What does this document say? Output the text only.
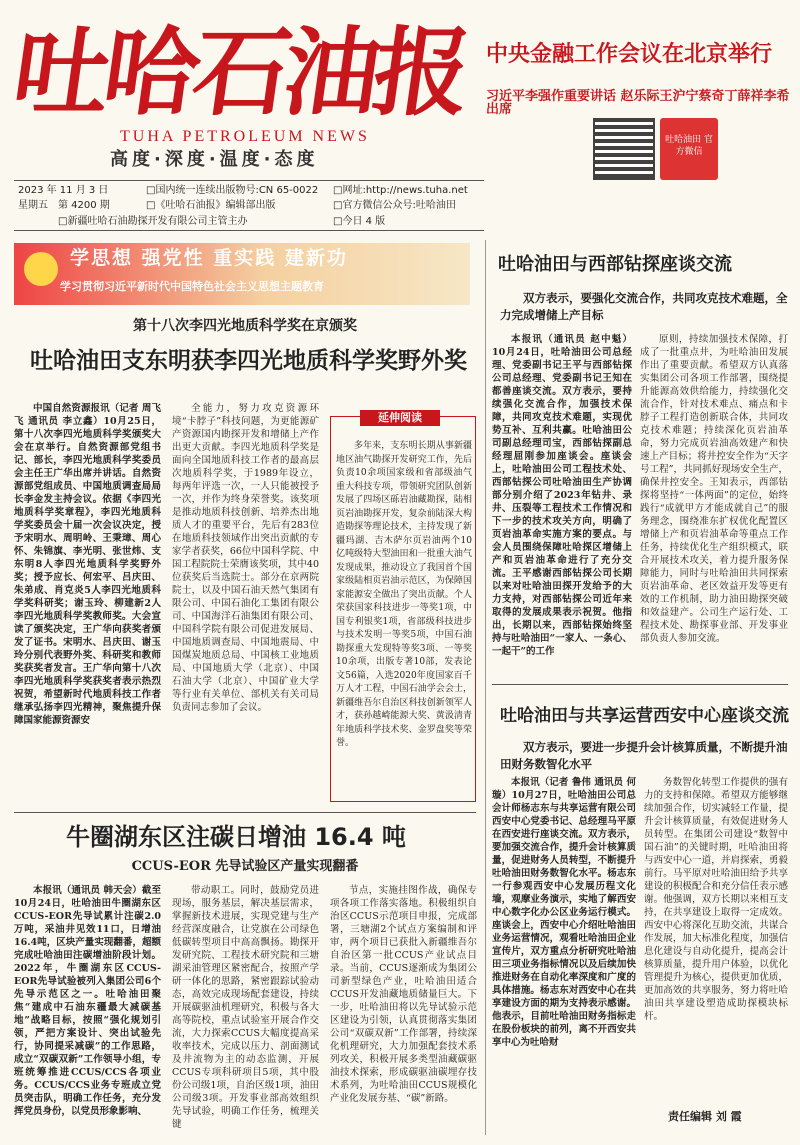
吐哈石油报
TUHA PETROLEUM NEWS
高度·深度·温度·态度
中央金融工作会议在北京举行
习近平李强作重要讲话 赵乐际王沪宁蔡奇丁薛祥李希出席
吐哈油田 官方微信
2023 年 11 月 3 日
星期五 第 4200 期
□国内统一连续出版物号:CN 65-0022
□《吐哈石油报》编辑部出版
□网址:http://news.tuha.net
□官方微信公众号:吐哈油田
□新疆吐哈石油勘探开发有限公司主管主办	□今日 4 版
学思想 强党性 重实践 建新功
学习贯彻习近平新时代中国特色社会主义思想主题教育
第十八次李四光地质科学奖在京颁奖
吐哈油田支东明获李四光地质科学奖野外奖

中国自然资源报讯（记者 周飞飞 通讯员 李立鑫）10月25日，第十八次李四光地质科学奖颁奖大会在京举行。自然资源部党组书记、部长，李四光地质科学奖委员会主任王广华出席并讲话。自然资源部党组成员、中国地质调查局局长李金发主持会议。依据《李四光地质科学奖章程》，李四光地质科学奖委员会十届一次会议决定，授予宋明水、周明岭、王秉璋、周心怀、朱锦旗、李光明、张世炜、支东明8人李四光地质科学奖野外奖；授予应长、何宏平、吕庆田、朱弟成、肖克炎5人李四光地质科学奖科研奖；谢玉玲、柳建新2人李四光地质科学奖教师奖。大会宣读了颁奖决定，王广华向获奖者颁发了证书。宋明水、吕庆田、谢玉玲分别代表野外奖、科研奖和教师奖获奖者发言。王广华向第十八次李四光地质科学奖获奖者表示热烈祝贺，希望新时代地质科技工作者继承弘扬李四光精神，聚焦提升保障国家能源资源安

全能力，努力攻克资源环境“卡脖子”科技问题，为更能源矿产资源国内勘探开发和增储上产作出更大贡献。李四光地质科学奖是面向全国地质科技工作者的最高层次地质科学奖，于1989年设立，每两年评选一次，一人只能被授予一次，并作为终身荣誉奖。该奖项是推动地质科技创新、培养杰出地质人才的重要平台，先后有283位在地质科技领域作出突出贡献的专家学者获奖，66位中国科学院、中国工程院院士荣膺该奖项，其中40位获奖后当选院士。部分在京两院院士，以及中国石油天然气集团有限公司、中国石油化工集团有限公司、中国海洋石油集团有限公司、中国科学院有限公司促进发展局、中国地质调查局、中国地震局、中国煤炭地质总局、中国核工业地质局、中国地质大学（北京）、中国石油大学（北京）、中国矿业大学等行业有关单位、部机关有关司局负责同志参加了会议。

延伸阅读

多年来，支东明长期从事新疆地区油气勘探开发研究工作，先后负责10余项国家级和省部级油气重大科技专项，带领研究团队创新发展了四场区砾岩油藏勘探，陆相页岩油勘探开发，复杂前陆深大构造勘探等理论技术，主持发现了新疆玛湖、吉木萨尔页岩油两个10亿吨级特大型油田和一批重大油气发现成果，推动设立了我国首个国家级陆相页岩油示范区，为保障国家能源安全做出了突出贡献。个人荣获国家科技进步一等奖1项，中国专利银奖1项，省部级科技进步与技术发明一等奖5项，中国石油勘探重大发现特等奖3项、一等奖10余项，出版专著10部，发表论文56篇，入选2020年度国家百千万人才工程，中国石油学会会士，新疆维吾尔自治区科技创新领军人才，获孙越崎能源大奖、黄汲清青年地质科学技术奖、金罗盘奖等荣誉。

牛圈湖东区注碳日增油 16.4 吨
CCUS-EOR 先导试验区产量实现翻番

本报讯（通讯员 韩天会）截至10月24日，吐哈油田牛圈湖东区CCUS-EOR先导试累计注碳2.0万吨，采油井见效11口，日增油16.4吨，区块产量实现翻番，超额完成吐哈油田注碳增油阶段计划。2022年，牛圈湖东区CCUS-EOR先导试验被列入集团公司6个先导示范区之一。吐哈油田聚焦“建成中石油东疆最大减碳基地”战略目标，按照“强化规划引领，严把方案设计、突出试验先行，协同提采减碳”的工作思路，成立“双碳双新”工作领导小组，专班统筹推进CCUS/CCS各项业务。CCUS/CCS业务专班成立党员突击队，明确工作任务，充分发挥党员身份，以党员形象影响、

带动职工。同时，鼓励党员进现场，服务基层，解决基层需求，掌握新技术进展，实现党建与生产经营深度融合，让党旗在公司绿色低碳转型项目中高高飘扬。勘探开发研究院、工程技术研究院和三塘湖采油管理区紧密配合，按照产学研一体化的思路，紧密跟踪试验动态，高效完成现场配套建设，持续开展碳驱油机理研究，积极与各大高等院校，重点试验室开展合作交流，大力探索CCUS大幅度提高采收率技术，完成以压力、剖面测试及井流物为主的动态监测，开展CCUS专项科研项目5项，其中股份公司级1项，自治区级1项，油田公司级3项。开发事业部高效组织先导试验，明确工作任务，梳理关键

节点，实施挂图作战，确保专项各项工作落实落地。积极组织自治区CCUS示范项目申报，完成部署，三塘湖2个试点方案编制和评审，两个项目已获批入新疆维吾尔自治区第一批CCUS产业试点目录。当前，CCUS逐渐成为集团公司新型绿色产业，吐哈油田适合CCUS开发油藏地质储量巨大。下一步，吐哈油田将以先导试验示范区建设为引领，认真贯彻落实集团公司“双碳双新”工作部署，持续深化机理研究，大力加强配套技术系列攻关，积极开展多类型油藏碳驱油技术探索，形成碳驱油碳埋存技术系列，为吐哈油田CCUS规模化产业化发展夯基、“碳”新路。

吐哈油田与西部钻探座谈交流
双方表示，要强化交流合作，共同攻克技术难题，全力完成增储上产目标

本报讯（通讯员 赵中魁）10月24日，吐哈油田公司总经理、党委副书记王平与西部钻探公司总经理、党委副书记王知在都善座谈交流。双方表示，要持续强化交流合作，加强技术保障，共同攻克技术难题，实现优势互补、互利共赢。吐哈油田公司副总经理司宝，西部钻探副总经理屈刚参加座谈会。座谈会上，吐哈油田公司工程技术处、西部钻探公司吐哈油田生产协调部分别介绍了2023年钻井、录井、压裂等工程技术工作情况和下一步的技术攻关方向，明确了页岩油革命实施方案的要点。与会人员围绕保障吐哈探区增储上产和页岩油革命进行了充分交流。王平感谢西部钻探公司长期以来对吐哈油田探开发给予的大力支持，对西部钻探公司近年来取得的发展成果表示祝贺。他指出，长期以来，西部钻探始终坚持与吐哈油田“一家人、一条心、一起干”的工作

原则，持续加强技术保障，打成了一批重点井，为吐哈油田发展作出了重要贡献。希望双方认真落实集团公司各项工作部署，围绕提升能源高效供给能力，持续强化交流合作，针对技术难点、痛点和卡脖子工程打造创新联合体，共同攻克技术难题；持续深化页岩油革命，努力完成页岩油高效建产和快速上产目标；将井控安全作为“天字号工程”，共同抓好现场安全生产，确保井控安全。王知表示，西部钻探将坚持“一体两面”的定位，始终践行“成就甲方才能成就自己”的服务理念，围绕准东扩权优化配置区增储上产和页岩油革命等重点工作任务，持续优化生产组织模式，联合开展技术攻关，着力提升服务保障能力，同时与吐哈油田共同探索页岩油革命、老区效益开发等更有效的工作机制，助力油田勘探突破和效益建产。公司生产运行处、工程技术处、勘探事业部、开发事业部负责人参加交流。

吐哈油田与共享运营西安中心座谈交流
双方表示，要进一步提升会计核算质量，不断提升油田财务数智化水平

本报讯（记者 鲁伟 通讯员 何璇）10月27日，吐哈油田公司总会计师杨志东与共享运营有限公司西安中心党委书记、总经理马平原在西安进行座谈交流。双方表示，要加强交流合作，提升会计核算质量，促进财务人员转型，不断提升吐哈油田财务数智化水平。杨志东一行参观西安中心发展历程文化墙，观摩业务演示，实地了解西安中心数字化办公区业务运行模式。座谈会上，西安中心介绍吐哈油田业务运营情况，观看吐哈油田企业宣传片，双方重点分析研究吐哈油田三项业务指标情况以及后续加快推进财务在自动化率深度和广度的具体措施。杨志东对西安中心在共享建设方面的期为支持表示感谢。他表示，目前吐哈油田财务指标走在股份板块的前列，离不开西安共享中心为吐哈财

务数智化转型工作提供的强有力的支持和保障。希望双方能够继续加强合作，切实减轻工作量，提升会计核算质量，有效促进财务人员转型。在集团公司建设“数智中国石油”的关键时期，吐哈油田将与西安中心一道，并肩探索，勇毅前行。马平原对吐哈油田给予共享建设的积极配合和充分信任表示感谢。他强调，双方长期以来相互支持，在共享建设上取得一定成效。西安中心将深化互助交流，共谋合作发展，加大标准化程度，加强信息化建设与自动化提升，提高会计核算质量，提升用户体验，以优化管理提升为核心，提供更加优质，更加高效的共享服务，努力将吐哈油田共享建设塑造成助探模块标杆。

责任编辑 刘 霞
